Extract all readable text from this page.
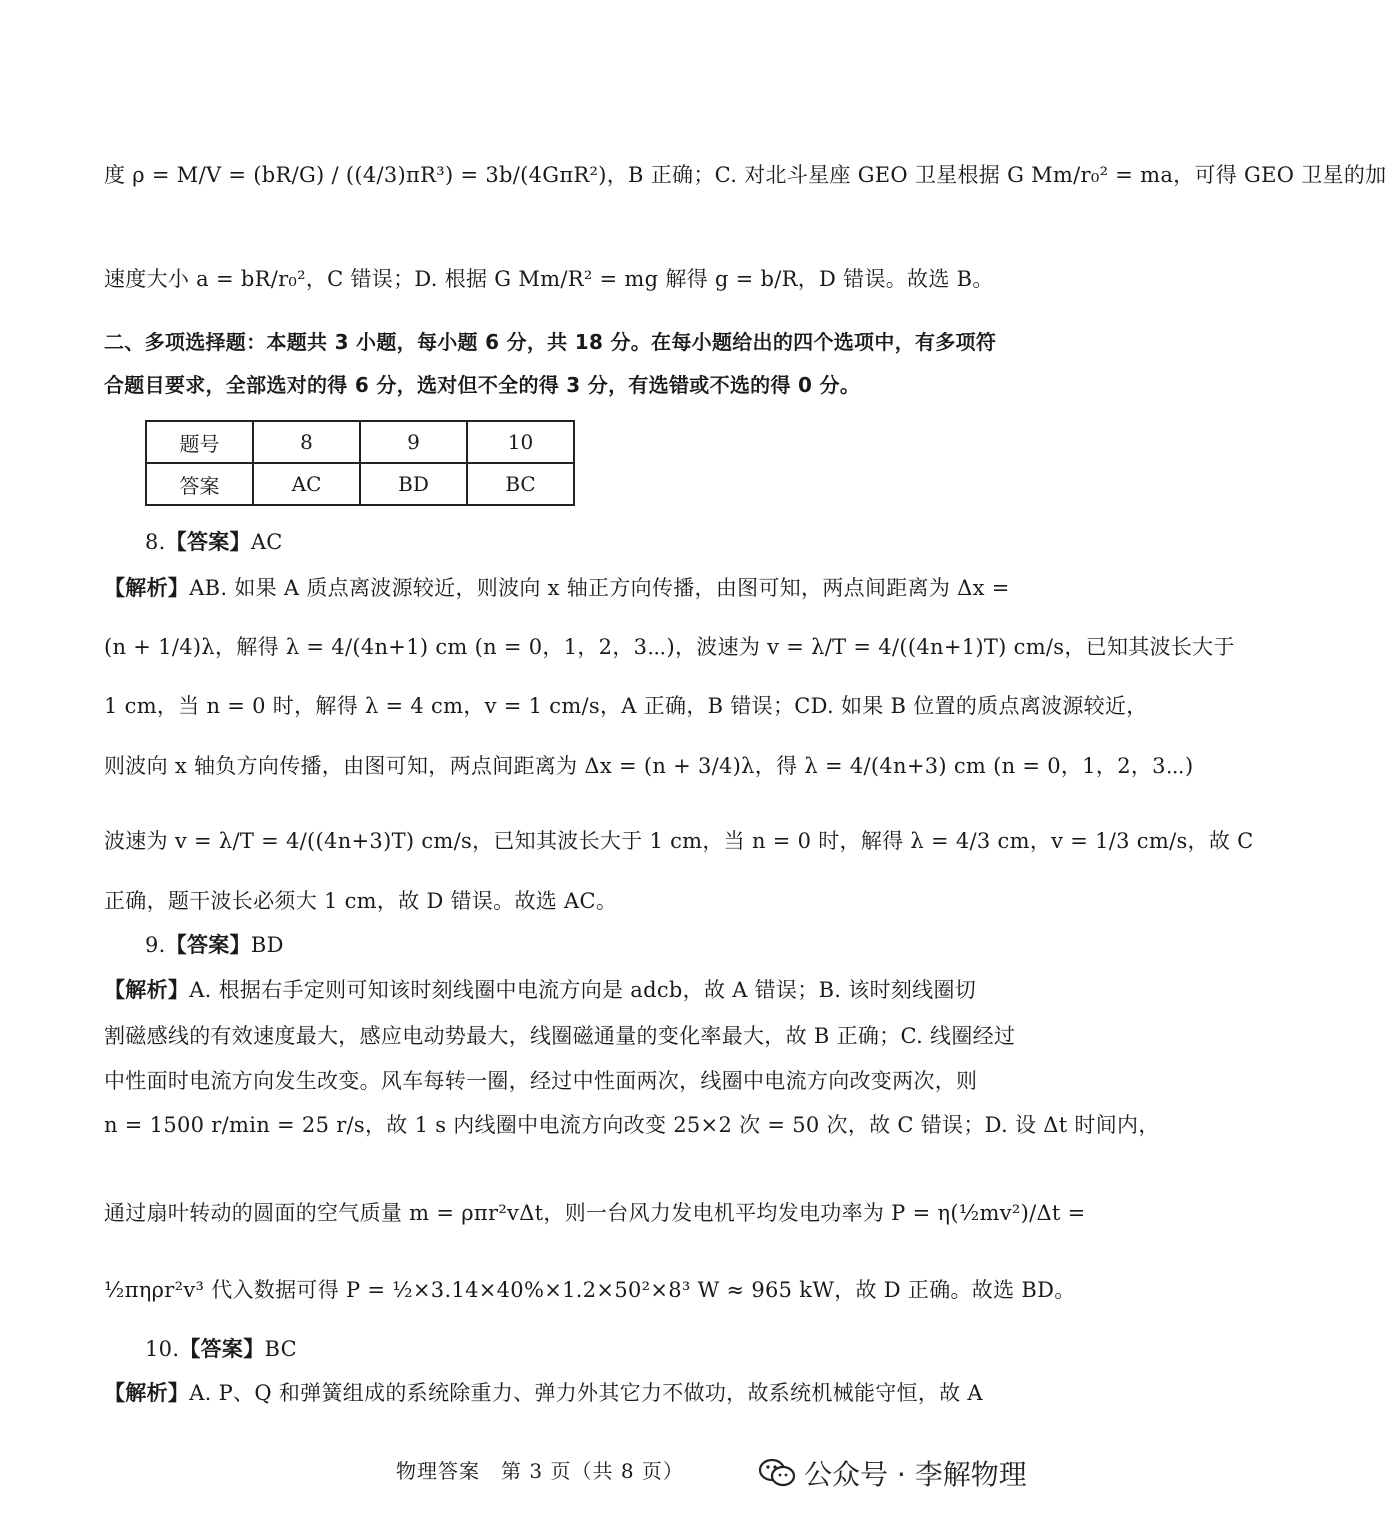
度 ρ = M/V = (bR/G) / ((4/3)πR³) = 3b/(4GπR²)，B 正确；C. 对北斗星座 GEO 卫星根据 G Mm/r₀² = ma，可得 GEO 卫星的加
速度大小 a = bR/r₀²，C 错误；D. 根据 G Mm/R² = mg 解得 g = b/R，D 错误。故选 B。
二、多项选择题：本题共 3 小题，每小题 6 分，共 18 分。在每小题给出的四个选项中，有多项符
合题目要求，全部选对的得 6 分，选对但不全的得 3 分，有选错或不选的得 0 分。
题号	8	9	10
答案	AC	BD	BC
8.【答案】AC
【解析】AB. 如果 A 质点离波源较近，则波向 x 轴正方向传播，由图可知，两点间距离为 Δx =
(n + 1/4)λ，解得 λ = 4/(4n+1) cm (n = 0，1，2，3⋯)，波速为 v = λ/T = 4/((4n+1)T) cm/s，已知其波长大于
1 cm，当 n = 0 时，解得 λ = 4 cm，v = 1 cm/s，A 正确，B 错误；CD. 如果 B 位置的质点离波源较近，
则波向 x 轴负方向传播，由图可知，两点间距离为 Δx = (n + 3/4)λ，得 λ = 4/(4n+3) cm (n = 0，1，2，3⋯)
波速为 v = λ/T = 4/((4n+3)T) cm/s，已知其波长大于 1 cm，当 n = 0 时，解得 λ = 4/3 cm，v = 1/3 cm/s，故 C
正确，题干波长必须大 1 cm，故 D 错误。故选 AC。
9.【答案】BD
【解析】A. 根据右手定则可知该时刻线圈中电流方向是 adcb，故 A 错误；B. 该时刻线圈切
割磁感线的有效速度最大，感应电动势最大，线圈磁通量的变化率最大，故 B 正确；C. 线圈经过
中性面时电流方向发生改变。风车每转一圈，经过中性面两次，线圈中电流方向改变两次，则
n = 1500 r/min = 25 r/s，故 1 s 内线圈中电流方向改变 25×2 次 = 50 次，故 C 错误；D. 设 Δt 时间内，
通过扇叶转动的圆面的空气质量 m = ρπr²vΔt，则一台风力发电机平均发电功率为 P = η(½mv²)/Δt =
½πηρr²v³ 代入数据可得 P = ½×3.14×40%×1.2×50²×8³ W ≈ 965 kW，故 D 正确。故选 BD。
10.【答案】BC
【解析】A. P、Q 和弹簧组成的系统除重力、弹力外其它力不做功，故系统机械能守恒，故 A
物理答案　第 3 页（共 8 页）	公众号 · 李解物理
